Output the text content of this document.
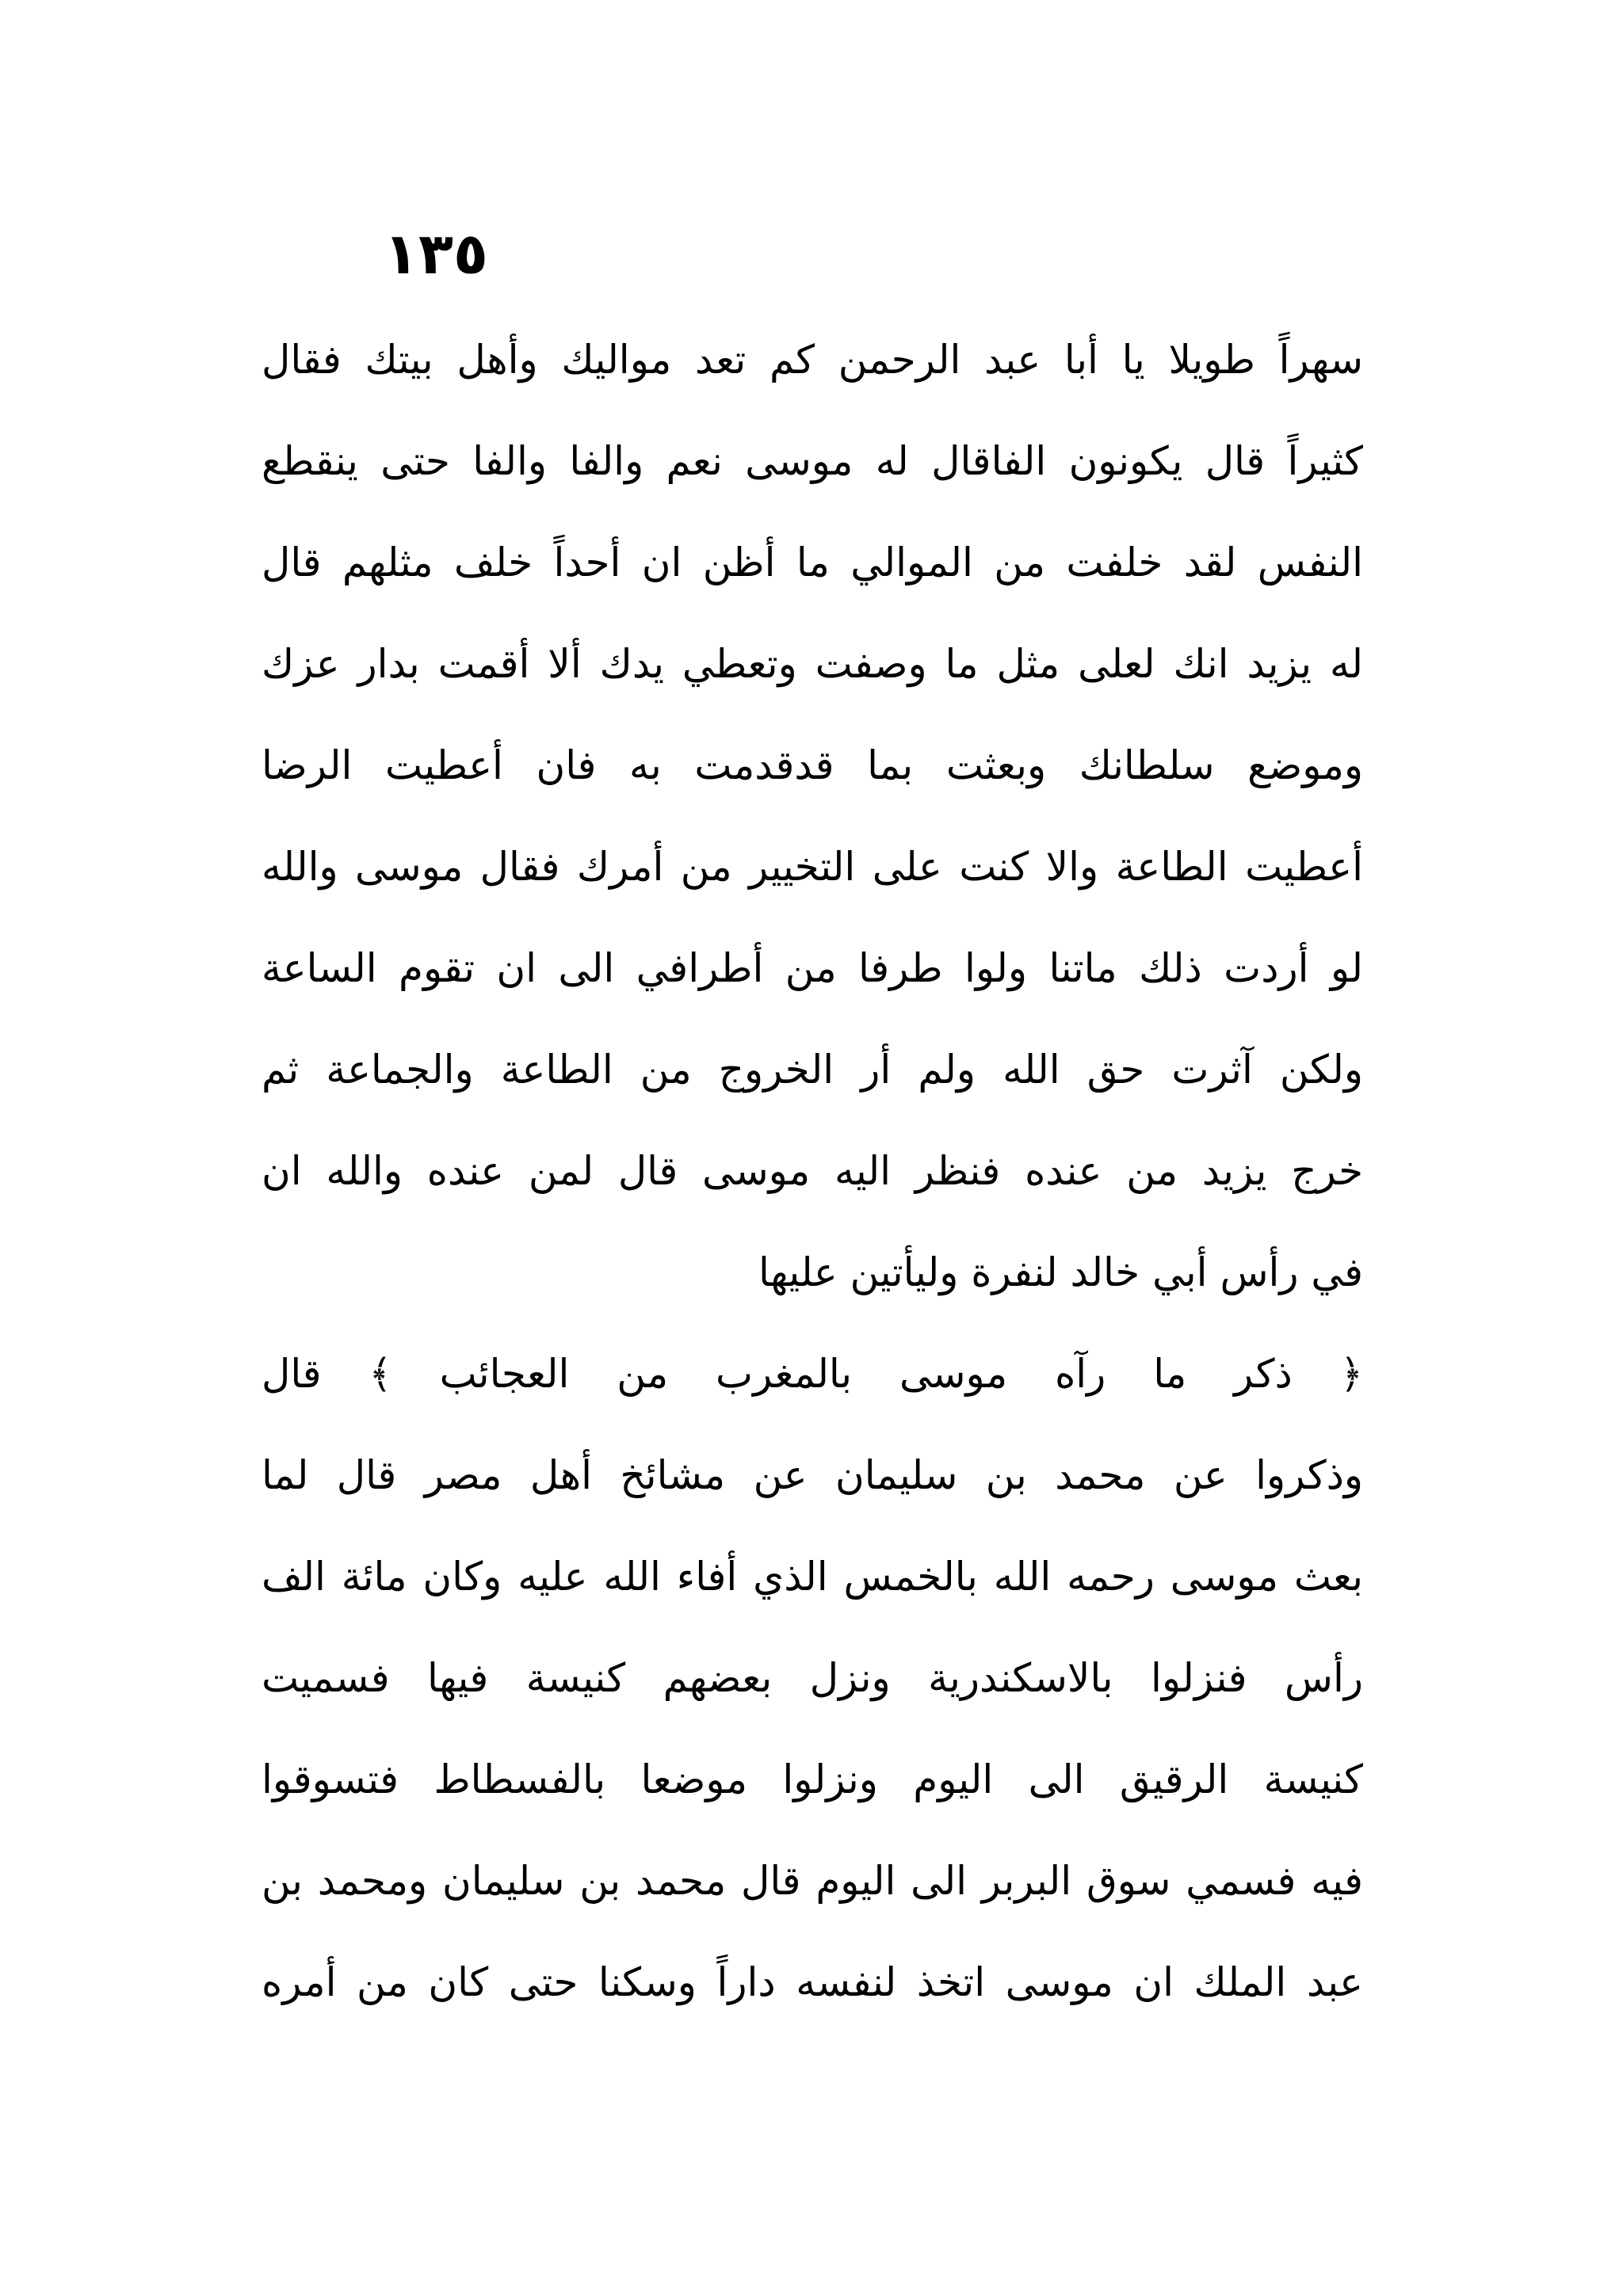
١٣٥
سهراً طويلا يا أبا عبد الرحمن كم تعد مواليك وأهل بيتك فقال
كثيراً قال يكونون الفاقال له موسى نعم والفا والفا حتى ينقطع
النفس لقد خلفت من الموالي ما أظن ان أحداً خلف مثلهم قال
له يزيد انك لعلى مثل ما وصفت وتعطي يدك ألا أقمت بدار عزك
وموضع سلطانك وبعثت بما قدقدمت به فان أعطيت الرضا
أعطيت الطاعة والا كنت على التخيير من أمرك فقال موسى والله
لو أردت ذلك ماتنا ولوا طرفا من أطرافي الى ان تقوم الساعة
ولكن آثرت حق الله ولم أر الخروج من الطاعة والجماعة ثم
خرج يزيد من عنده فنظر اليه موسى قال لمن عنده والله ان
في رأس أبي خالد لنفرة وليأتين عليها
﴿ ذكر ما رآه موسى بالمغرب من العجائب ﴾ قال
وذكروا عن محمد بن سليمان عن مشائخ أهل مصر قال لما
بعث موسى رحمه الله بالخمس الذي أفاء الله عليه وكان مائة الف
رأس فنزلوا بالاسكندرية ونزل بعضهم كنيسة فيها فسميت
كنيسة الرقيق الى اليوم ونزلوا موضعا بالفسطاط فتسوقوا
فيه فسمي سوق البربر الى اليوم قال محمد بن سليمان ومحمد بن
عبد الملك ان موسى اتخذ لنفسه داراً وسكنا حتى كان من أمره
